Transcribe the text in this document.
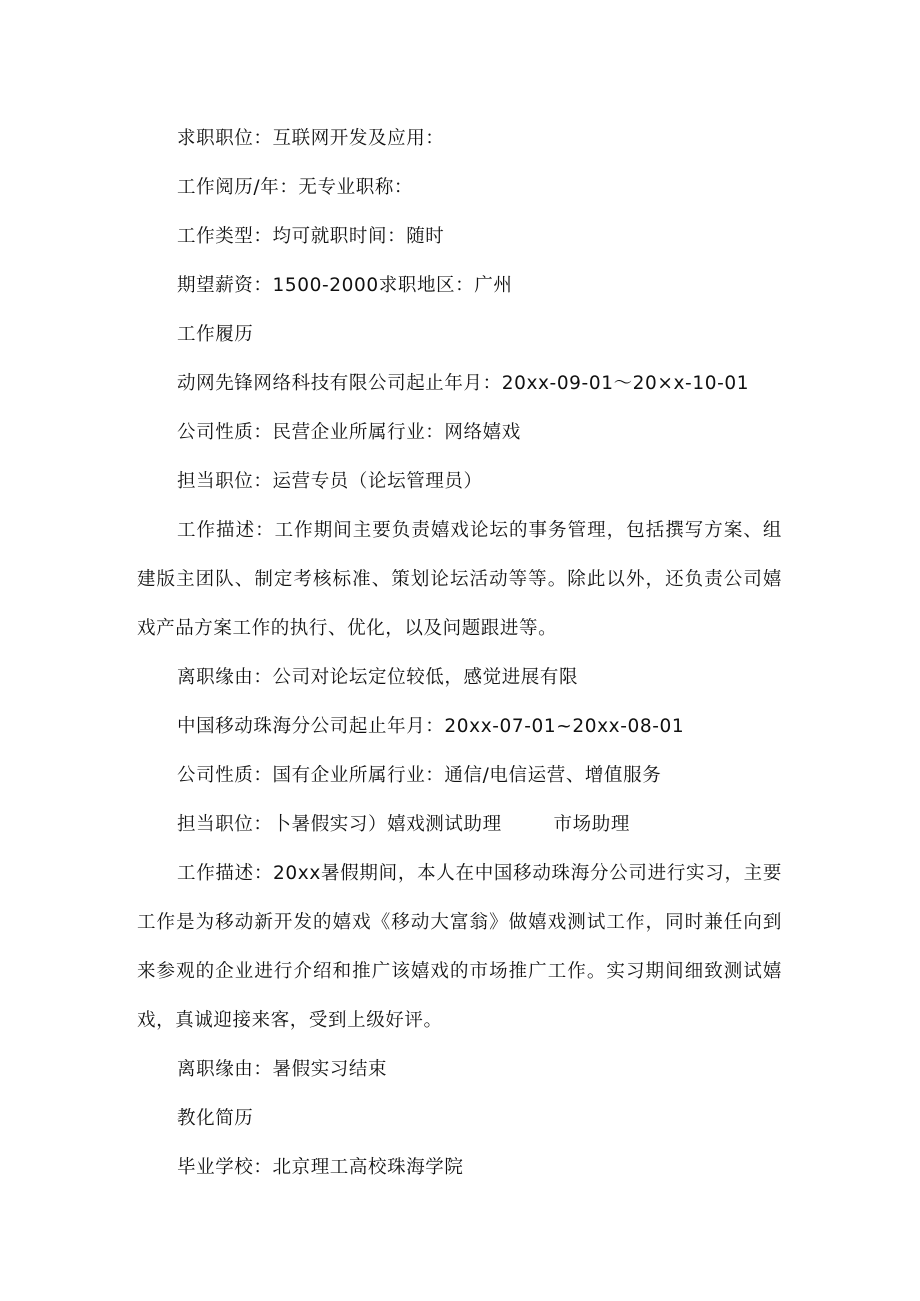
求职职位：互联网开发及应用：

工作阅历/年：无专业职称：

工作类型：均可就职时间：随时

期望薪资：1500-2000求职地区：广州

工作履历

动网先锋网络科技有限公司起止年月：20xx-09-01～20×x-10-01

公司性质：民营企业所属行业：网络嬉戏

担当职位：运营专员（论坛管理员）

工作描述：工作期间主要负责嬉戏论坛的事务管理，包括撰写方案、组建版主团队、制定考核标准、策划论坛活动等等。除此以外，还负责公司嬉戏产品方案工作的执行、优化，以及问题跟进等。

离职缘由：公司对论坛定位较低，感觉进展有限

中国移动珠海分公司起止年月：20xx-07-01~20xx-08-01

公司性质：国有企业所属行业：通信/电信运营、增值服务

担当职位：卜暑假实习）嬉戏测试助理        市场助理

工作描述：20xx暑假期间，本人在中国移动珠海分公司进行实习，主要工作是为移动新开发的嬉戏《移动大富翁》做嬉戏测试工作，同时兼任向到来参观的企业进行介绍和推广该嬉戏的市场推广工作。实习期间细致测试嬉戏，真诚迎接来客，受到上级好评。

离职缘由：暑假实习结束

教化简历

毕业学校：北京理工高校珠海学院
